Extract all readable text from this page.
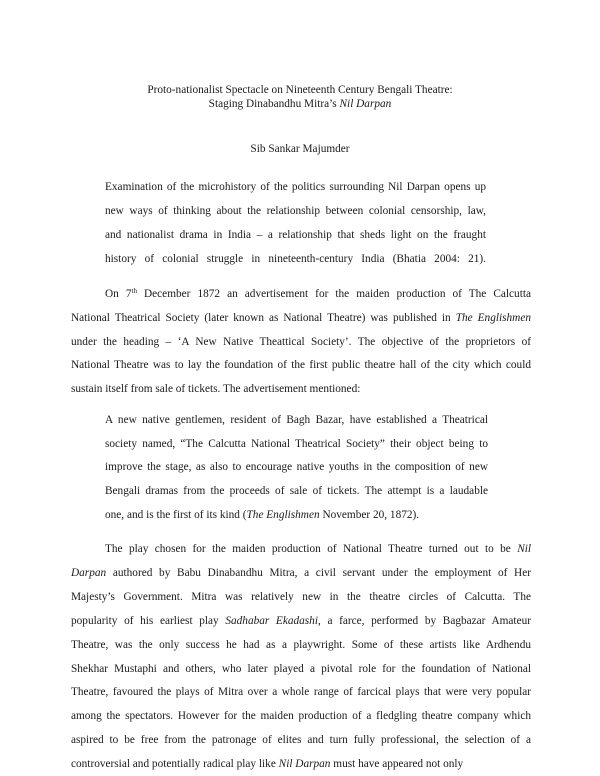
Proto-nationalist Spectacle on Nineteenth Century Bengali Theatre:
Staging Dinabandhu Mitra’s Nil Darpan
Sib Sankar Majumder
Examination of the microhistory of the politics surrounding Nil Darpan opens up
new ways of thinking about the relationship between colonial censorship, law,
and nationalist drama in India – a relationship that sheds light on the fraught
history of colonial struggle in nineteenth-century India (Bhatia 2004: 21).
On 7th December 1872 an advertisement for the maiden production of The Calcutta
National Theatrical Society (later known as National Theatre) was published in The Englishmen
under the heading – ‘A New Native Theattical Society’. The objective of the proprietors of
National Theatre was to lay the foundation of the first public theatre hall of the city which could
sustain itself from sale of tickets. The advertisement mentioned:
A new native gentlemen, resident of Bagh Bazar, have established a Theatrical
society named, “The Calcutta National Theatrical Society” their object being to
improve the stage, as also to encourage native youths in the composition of new
Bengali dramas from the proceeds of sale of tickets. The attempt is a laudable
one, and is the first of its kind (The Englishmen November 20, 1872).
The play chosen for the maiden production of National Theatre turned out to be Nil
Darpan authored by Babu Dinabandhu Mitra, a civil servant under the employment of Her
Majesty’s Government. Mitra was relatively new in the theatre circles of Calcutta. The
popularity of his earliest play Sadhabar Ekadashi, a farce, performed by Bagbazar Amateur
Theatre, was the only success he had as a playwright. Some of these artists like Ardhendu
Shekhar Mustaphi and others, who later played a pivotal role for the foundation of National
Theatre, favoured the plays of Mitra over a whole range of farcical plays that were very popular
among the spectators. However for the maiden production of a fledgling theatre company which
aspired to be free from the patronage of elites and turn fully professional, the selection of a
controversial and potentially radical play like Nil Darpan must have appeared not only
